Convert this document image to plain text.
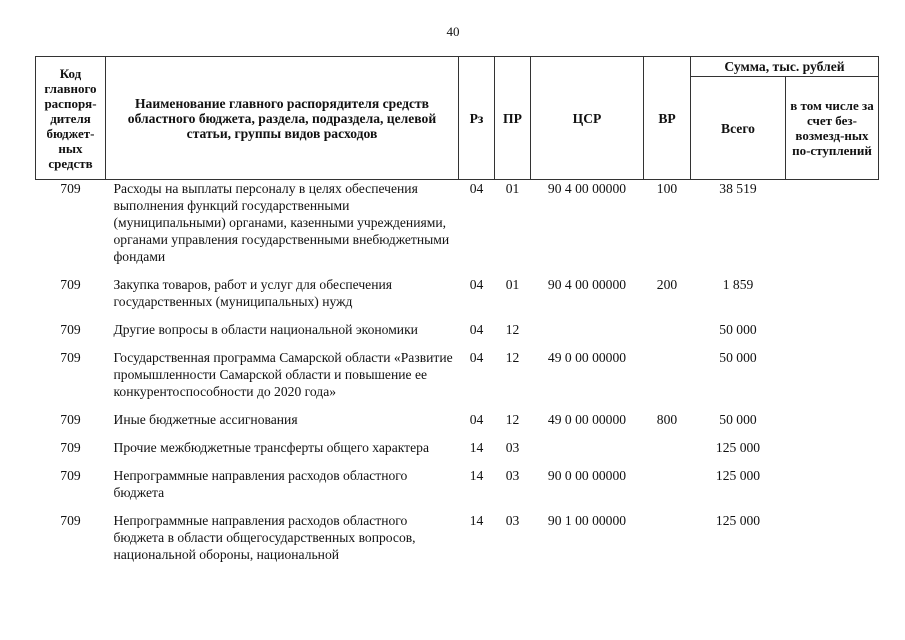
40
Код главного распоря-дителя бюджет-ных средств	Наименование главного распорядителя средств областного бюджета, раздела, подраздела, целевой статьи, группы видов расходов	Рз	ПР	ЦСР	ВР	Сумма, тыс. рублей	
						Всего	в том числе за счет без-возмезд-ных по-ступлений
709	Расходы на выплаты персоналу в целях обеспечения выполнения функций государственными (муниципальными) органами, казенными учреждениями, органами управления государственными внебюджетными фондами	04	01	90 4 00 00000	100	38 519	
709	Закупка товаров, работ и услуг для обеспечения государственных (муниципальных) нужд	04	01	90 4 00 00000	200	1 859	
709	Другие вопросы в области национальной экономики	04	12			50 000	
709	Государственная программа Самарской области «Развитие промышленности Самарской области и повышение ее конкурентоспособности до 2020 года»	04	12	49 0 00 00000		50 000	
709	Иные бюджетные ассигнования	04	12	49 0 00 00000	800	50 000	
709	Прочие межбюджетные трансферты общего характера	14	03			125 000	
709	Непрограммные направления расходов областного бюджета	14	03	90 0 00 00000		125 000	
709	Непрограммные направления расходов областного бюджета в области общегосударственных вопросов, национальной обороны, национальной	14	03	90 1 00 00000		125 000	
